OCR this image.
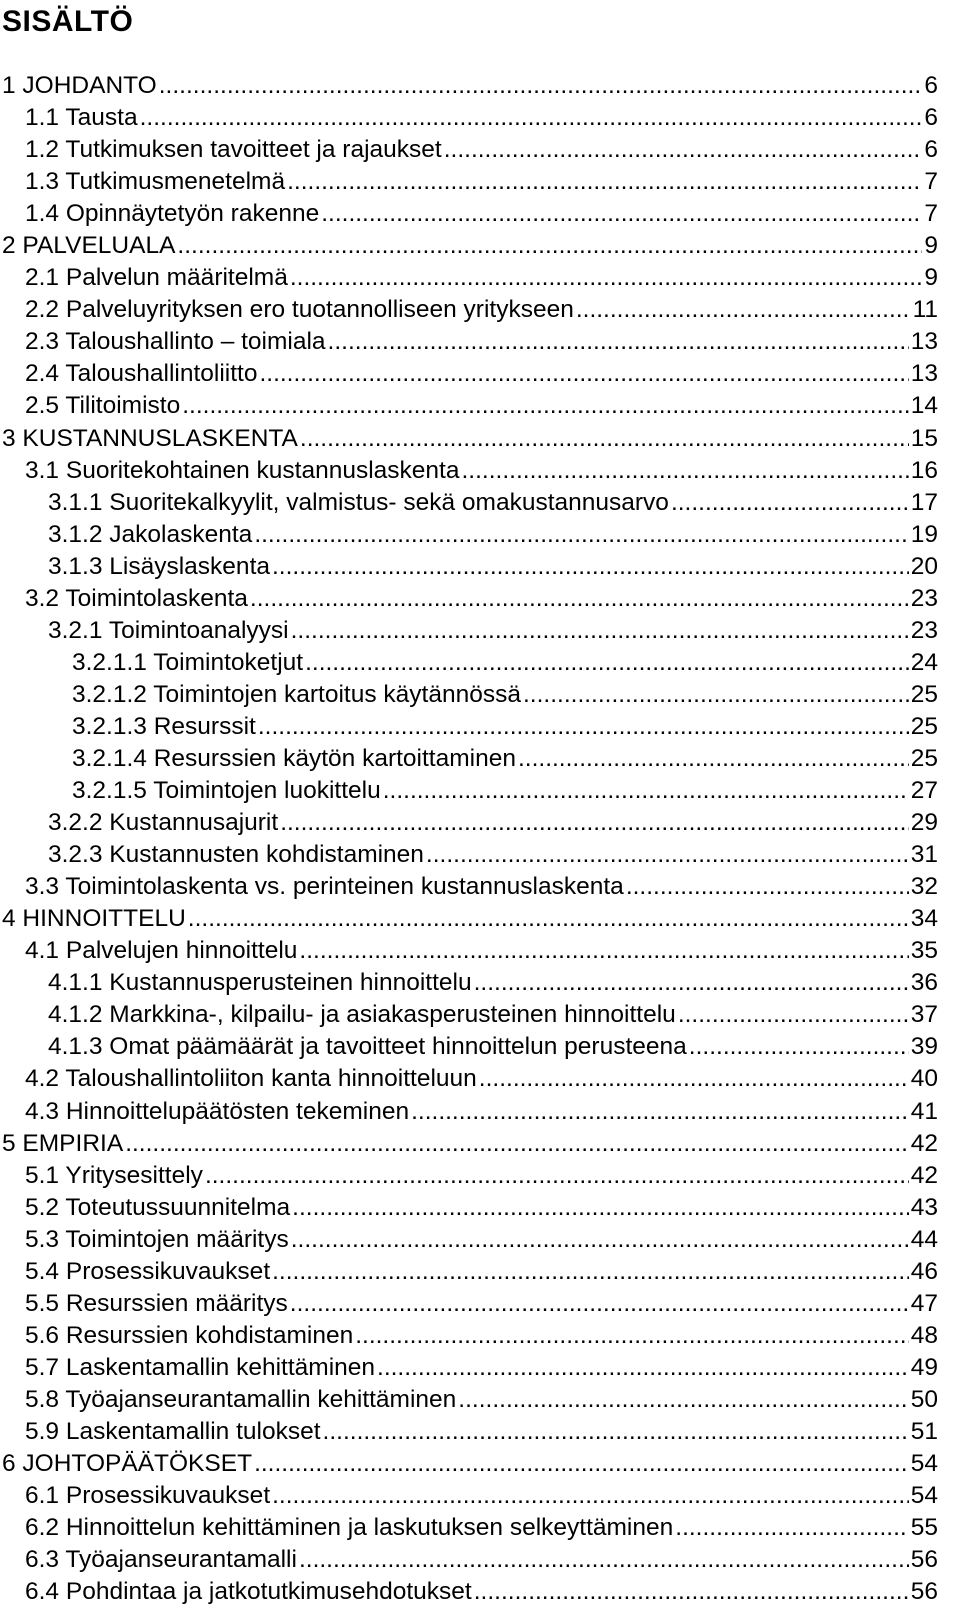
SISÄLTÖ
1 JOHDANTO .....	6
1.1 Tausta .....	6
1.2 Tutkimuksen tavoitteet ja rajaukset .....	6
1.3 Tutkimusmenetelmä .....	7
1.4 Opinnäytetyön rakenne .....	7
2 PALVELUALA .....	9
2.1 Palvelun määritelmä .....	9
2.2 Palveluyrityksen ero tuotannolliseen yritykseen .....	11
2.3 Taloushallinto – toimiala .....	13
2.4 Taloushallintoliitto .....	13
2.5 Tilitoimisto .....	14
3 KUSTANNUSLASKENTA .....	15
3.1 Suoritekohtainen kustannuslaskenta .....	16
3.1.1 Suoritekalkyylit, valmistus- sekä omakustannusarvo .....	17
3.1.2 Jakolaskenta .....	19
3.1.3 Lisäyslaskenta .....	20
3.2 Toimintolaskenta .....	23
3.2.1 Toimintoanalyysi .....	23
3.2.1.1 Toimintoketjut .....	24
3.2.1.2 Toimintojen kartoitus käytännössä .....	25
3.2.1.3 Resurssit .....	25
3.2.1.4 Resurssien käytön kartoittaminen .....	25
3.2.1.5 Toimintojen luokittelu .....	27
3.2.2 Kustannusajurit .....	29
3.2.3 Kustannusten kohdistaminen .....	31
3.3 Toimintolaskenta vs. perinteinen kustannuslaskenta .....	32
4 HINNOITTELU .....	34
4.1 Palvelujen hinnoittelu .....	35
4.1.1 Kustannusperusteinen hinnoittelu .....	36
4.1.2 Markkina-, kilpailu- ja asiakasperusteinen hinnoittelu .....	37
4.1.3 Omat päämäärät ja tavoitteet hinnoittelun perusteena .....	39
4.2 Taloushallintoliiton kanta hinnoitteluun .....	40
4.3 Hinnoittelupäätösten tekeminen .....	41
5 EMPIRIA .....	42
5.1 Yritysesittely .....	42
5.2 Toteutussuunnitelma .....	43
5.3 Toimintojen määritys .....	44
5.4 Prosessikuvaukset .....	46
5.5 Resurssien määritys .....	47
5.6 Resurssien kohdistaminen .....	48
5.7 Laskentamallin kehittäminen .....	49
5.8 Työajanseurantamallin kehittäminen .....	50
5.9 Laskentamallin tulokset .....	51
6 JOHTOPÄÄTÖKSET .....	54
6.1 Prosessikuvaukset .....	54
6.2 Hinnoittelun kehittäminen ja laskutuksen selkeyttäminen .....	55
6.3 Työajanseurantamalli .....	56
6.4 Pohdintaa ja jatkotutkimusehdotukset .....	56
